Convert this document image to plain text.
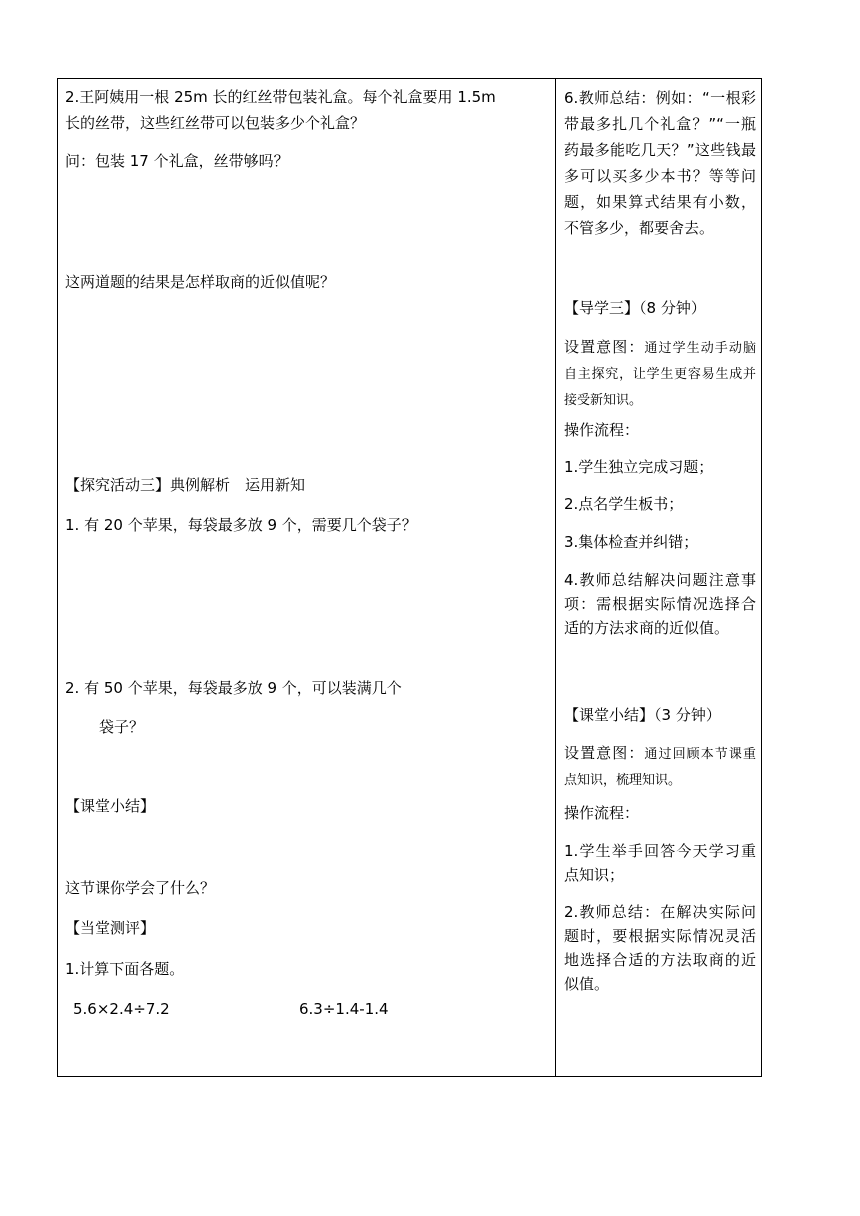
2.王阿姨用一根 25m 长的红丝带包装礼盒。每个礼盒要用 1.5m
长的丝带，这些红丝带可以包装多少个礼盒？
问：包装 17 个礼盒，丝带够吗？
这两道题的结果是怎样取商的近似值呢？
【探究活动三】典例解析　运用新知
1. 有 20 个苹果，每袋最多放 9 个，需要几个袋子？
2. 有 50 个苹果，每袋最多放 9 个，可以装满几个
袋子？
【课堂小结】
这节课你学会了什么？
【当堂测评】
1.计算下面各题。
5.6×2.4÷7.2	6.3÷1.4-1.4
6.教师总结：例如：“一根彩带最多扎几个礼盒？”“一瓶药最多能吃几天？”这些钱最多可以买多少本书？等等问题，如果算式结果有小数，不管多少，都要舍去。
【导学三】（8 分钟）
设置意图：通过学生动手动脑自主探究，让学生更容易生成并接受新知识。
操作流程：
1.学生独立完成习题；
2.点名学生板书；
3.集体检查并纠错；
4.教师总结解决问题注意事项：需根据实际情况选择合适的方法求商的近似值。
【课堂小结】（3 分钟）
设置意图：通过回顾本节课重点知识，梳理知识。
操作流程：
1.学生举手回答今天学习重点知识；
2.教师总结：在解决实际问题时，要根据实际情况灵活地选择合适的方法取商的近似值。
